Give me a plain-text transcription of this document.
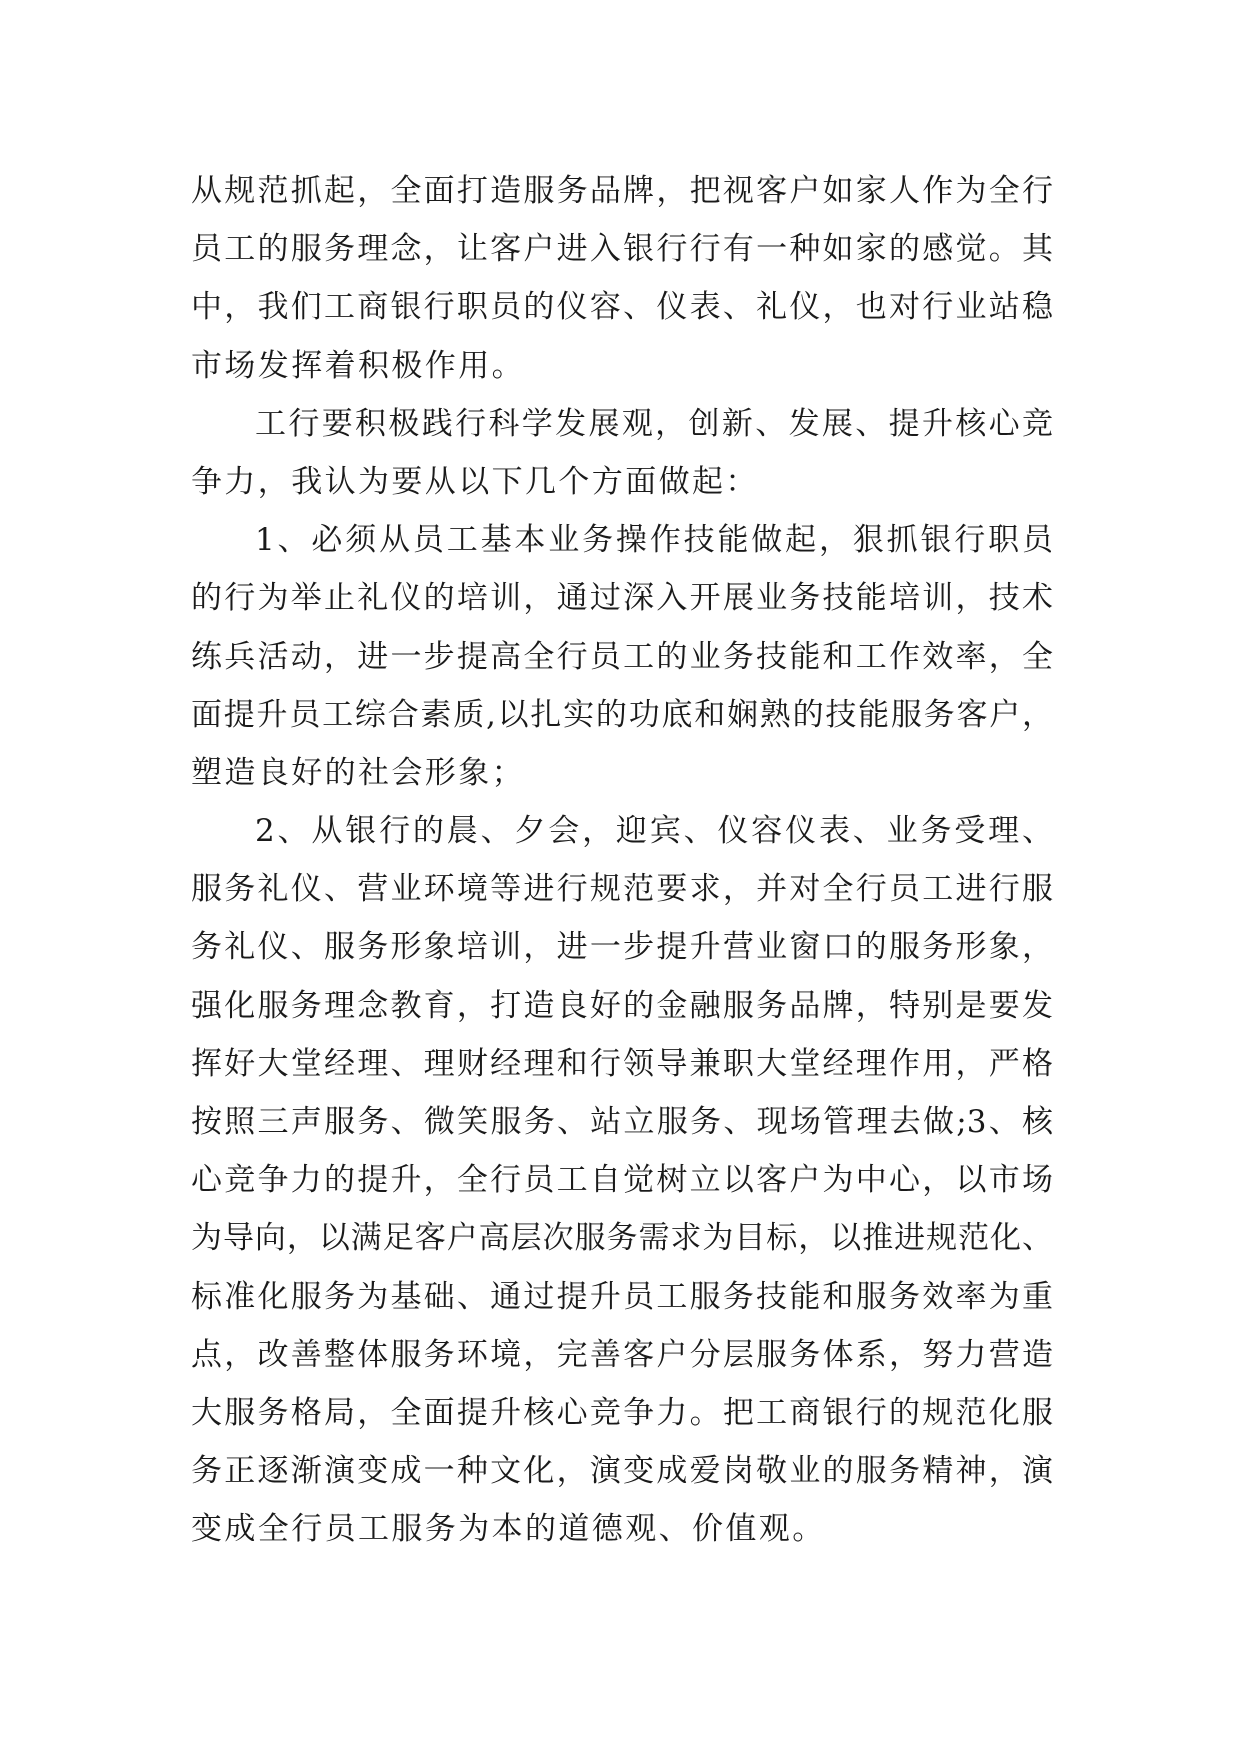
从规范抓起，全面打造服务品牌，把视客户如家人作为全行
员工的服务理念，让客户进入银行行有一种如家的感觉。其
中，我们工商银行职员的仪容、仪表、礼仪，也对行业站稳
市场发挥着积极作用。
工行要积极践行科学发展观，创新、发展、提升核心竞
争力，我认为要从以下几个方面做起：
1、必须从员工基本业务操作技能做起，狠抓银行职员
的行为举止礼仪的培训，通过深入开展业务技能培训，技术
练兵活动，进一步提高全行员工的业务技能和工作效率，全
面提升员工综合素质,以扎实的功底和娴熟的技能服务客户，
塑造良好的社会形象；
2、从银行的晨、夕会，迎宾、仪容仪表、业务受理、
服务礼仪、营业环境等进行规范要求，并对全行员工进行服
务礼仪、服务形象培训，进一步提升营业窗口的服务形象，
强化服务理念教育，打造良好的金融服务品牌，特别是要发
挥好大堂经理、理财经理和行领导兼职大堂经理作用，严格
按照三声服务、微笑服务、站立服务、现场管理去做;3、核
心竞争力的提升，全行员工自觉树立以客户为中心，以市场
为导向，以满足客户高层次服务需求为目标，以推进规范化、
标准化服务为基础、通过提升员工服务技能和服务效率为重
点，改善整体服务环境，完善客户分层服务体系，努力营造
大服务格局，全面提升核心竞争力。把工商银行的规范化服
务正逐渐演变成一种文化，演变成爱岗敬业的服务精神，演
变成全行员工服务为本的道德观、价值观。
